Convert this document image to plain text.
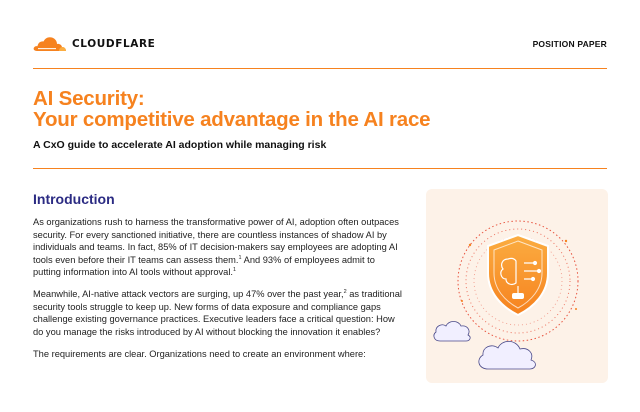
CLOUDFLARE	POSITION PAPER
AI Security:
Your competitive advantage in the AI race
A CxO guide to accelerate AI adoption while managing risk
Introduction

As organizations rush to harness the transformative power of AI, adoption often outpaces security. For every sanctioned initiative, there are countless instances of shadow AI by individuals and teams. In fact, 85% of IT decision-makers say employees are adopting AI tools even before their IT teams can assess them.$^1$ And 93% of employees admit to putting information into AI tools without approval.$^1$

Meanwhile, AI-native attack vectors are surging, up 47% over the past year,$^2$ as traditional security tools struggle to keep up. New forms of data exposure and compliance gaps challenge existing governance practices. Executive leaders face a critical question: How do you manage the risks introduced by AI without blocking the innovation it enables?

The requirements are clear. Organizations need to create an environment where:
